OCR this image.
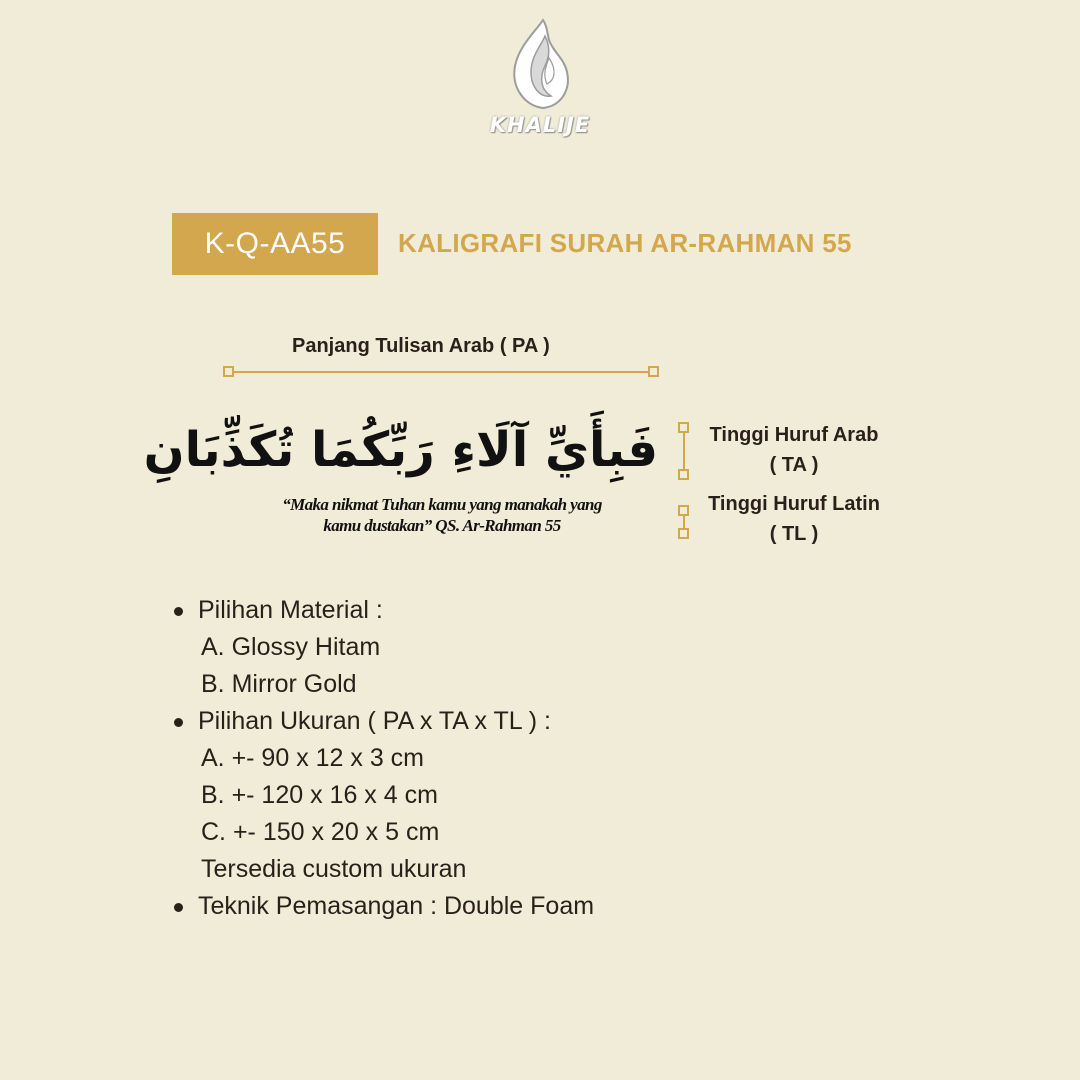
KHALIJE
K-Q-AA55	KALIGRAFI SURAH AR-RAHMAN 55
Panjang Tulisan Arab ( PA )
فَبِأَيِّ آلَاءِ رَبِّكُمَا تُكَذِّبَانِ
“Maka nikmat Tuhan kamu yang manakah yang
kamu dustakan” QS. Ar-Rahman 55
Tinggi Huruf Arab
( TA )
Tinggi Huruf Latin
( TL )
Pilihan Material :
A. Glossy Hitam
B. Mirror Gold
Pilihan Ukuran ( PA x TA x TL ) :
A. +- 90 x 12 x 3 cm
B. +- 120 x 16 x 4 cm
C. +- 150 x 20 x 5 cm
Tersedia custom ukuran
Teknik Pemasangan : Double Foam
